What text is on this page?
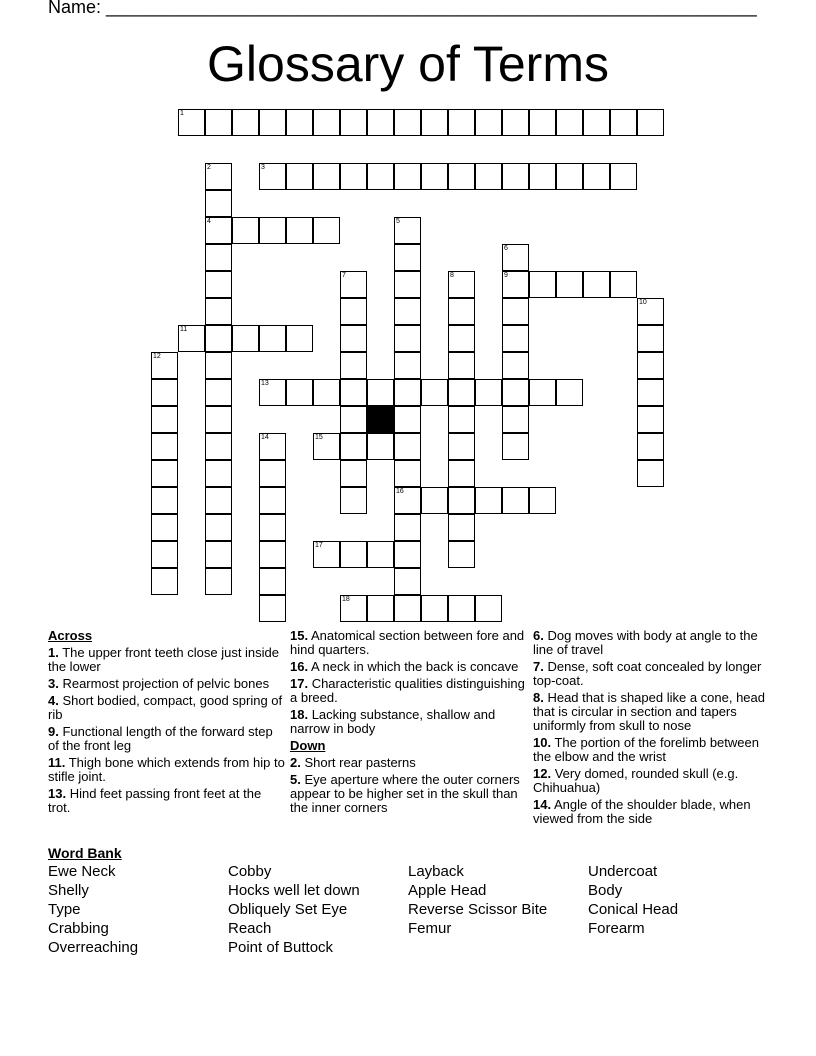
Name: _________________________________________________________________
Glossary of Terms
1
3
4
9
11
13
15
16
17
18
2
5
6
7	8
10
12
14
Across
1. The upper front teeth close just inside the lower
3. Rearmost projection of pelvic bones
4. Short bodied, compact, good spring of rib
9. Functional length of the forward step of the front leg
11. Thigh bone which extends from hip to stifle joint.
13. Hind feet passing front feet at the trot.
15. Anatomical section between fore and hind quarters.
16. A neck in which the back is concave
17. Characteristic qualities distinguishing a breed.
18. Lacking substance, shallow and narrow in body
Down
2. Short rear pasterns
5. Eye aperture where the outer corners appear to be higher set in the skull than the inner corners
6. Dog moves with body at angle to the line of travel
7. Dense, soft coat concealed by longer top-coat.
8. Head that is shaped like a cone, head that is circular in section and tapers uniformly from skull to nose
10. The portion of the forelimb between the elbow and the wrist
12. Very domed, rounded skull (e.g. Chihuahua)
14. Angle of the shoulder blade, when viewed from the side
Word Bank
Ewe Neck
Shelly
Type
Crabbing
Overreaching
Cobby
Hocks well let down
Obliquely Set Eye
Reach
Point of Buttock
Layback
Apple Head
Reverse Scissor Bite
Femur
Undercoat
Body
Conical Head
Forearm
